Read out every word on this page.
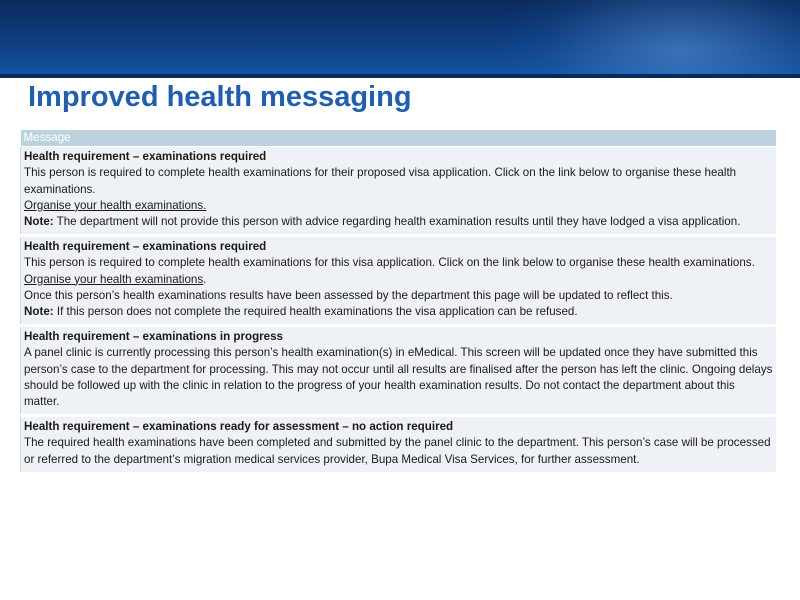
Improved health messaging
Message

Health requirement – examinations required
This person is required to complete health examinations for their proposed visa application. Click on the link below to organise these health examinations.
Organise your health examinations.
Note: The department will not provide this person with advice regarding health examination results until they have lodged a visa application.

Health requirement – examinations required
This person is required to complete health examinations for this visa application. Click on the link below to organise these health examinations.
Organise your health examinations.
Once this person’s health examinations results have been assessed by the department this page will be updated to reflect this.
Note: If this person does not complete the required health examinations the visa application can be refused.

Health requirement – examinations in progress
A panel clinic is currently processing this person’s health examination(s) in eMedical. This screen will be updated once they have submitted this person’s case to the department for processing. This may not occur until all results are finalised after the person has left the clinic. Ongoing delays should be followed up with the clinic in relation to the progress of your health examination results. Do not contact the department about this matter.

Health requirement – examinations ready for assessment – no action required
The required health examinations have been completed and submitted by the panel clinic to the department. This person’s case will be processed or referred to the department’s migration medical services provider, Bupa Medical Visa Services, for further assessment.
